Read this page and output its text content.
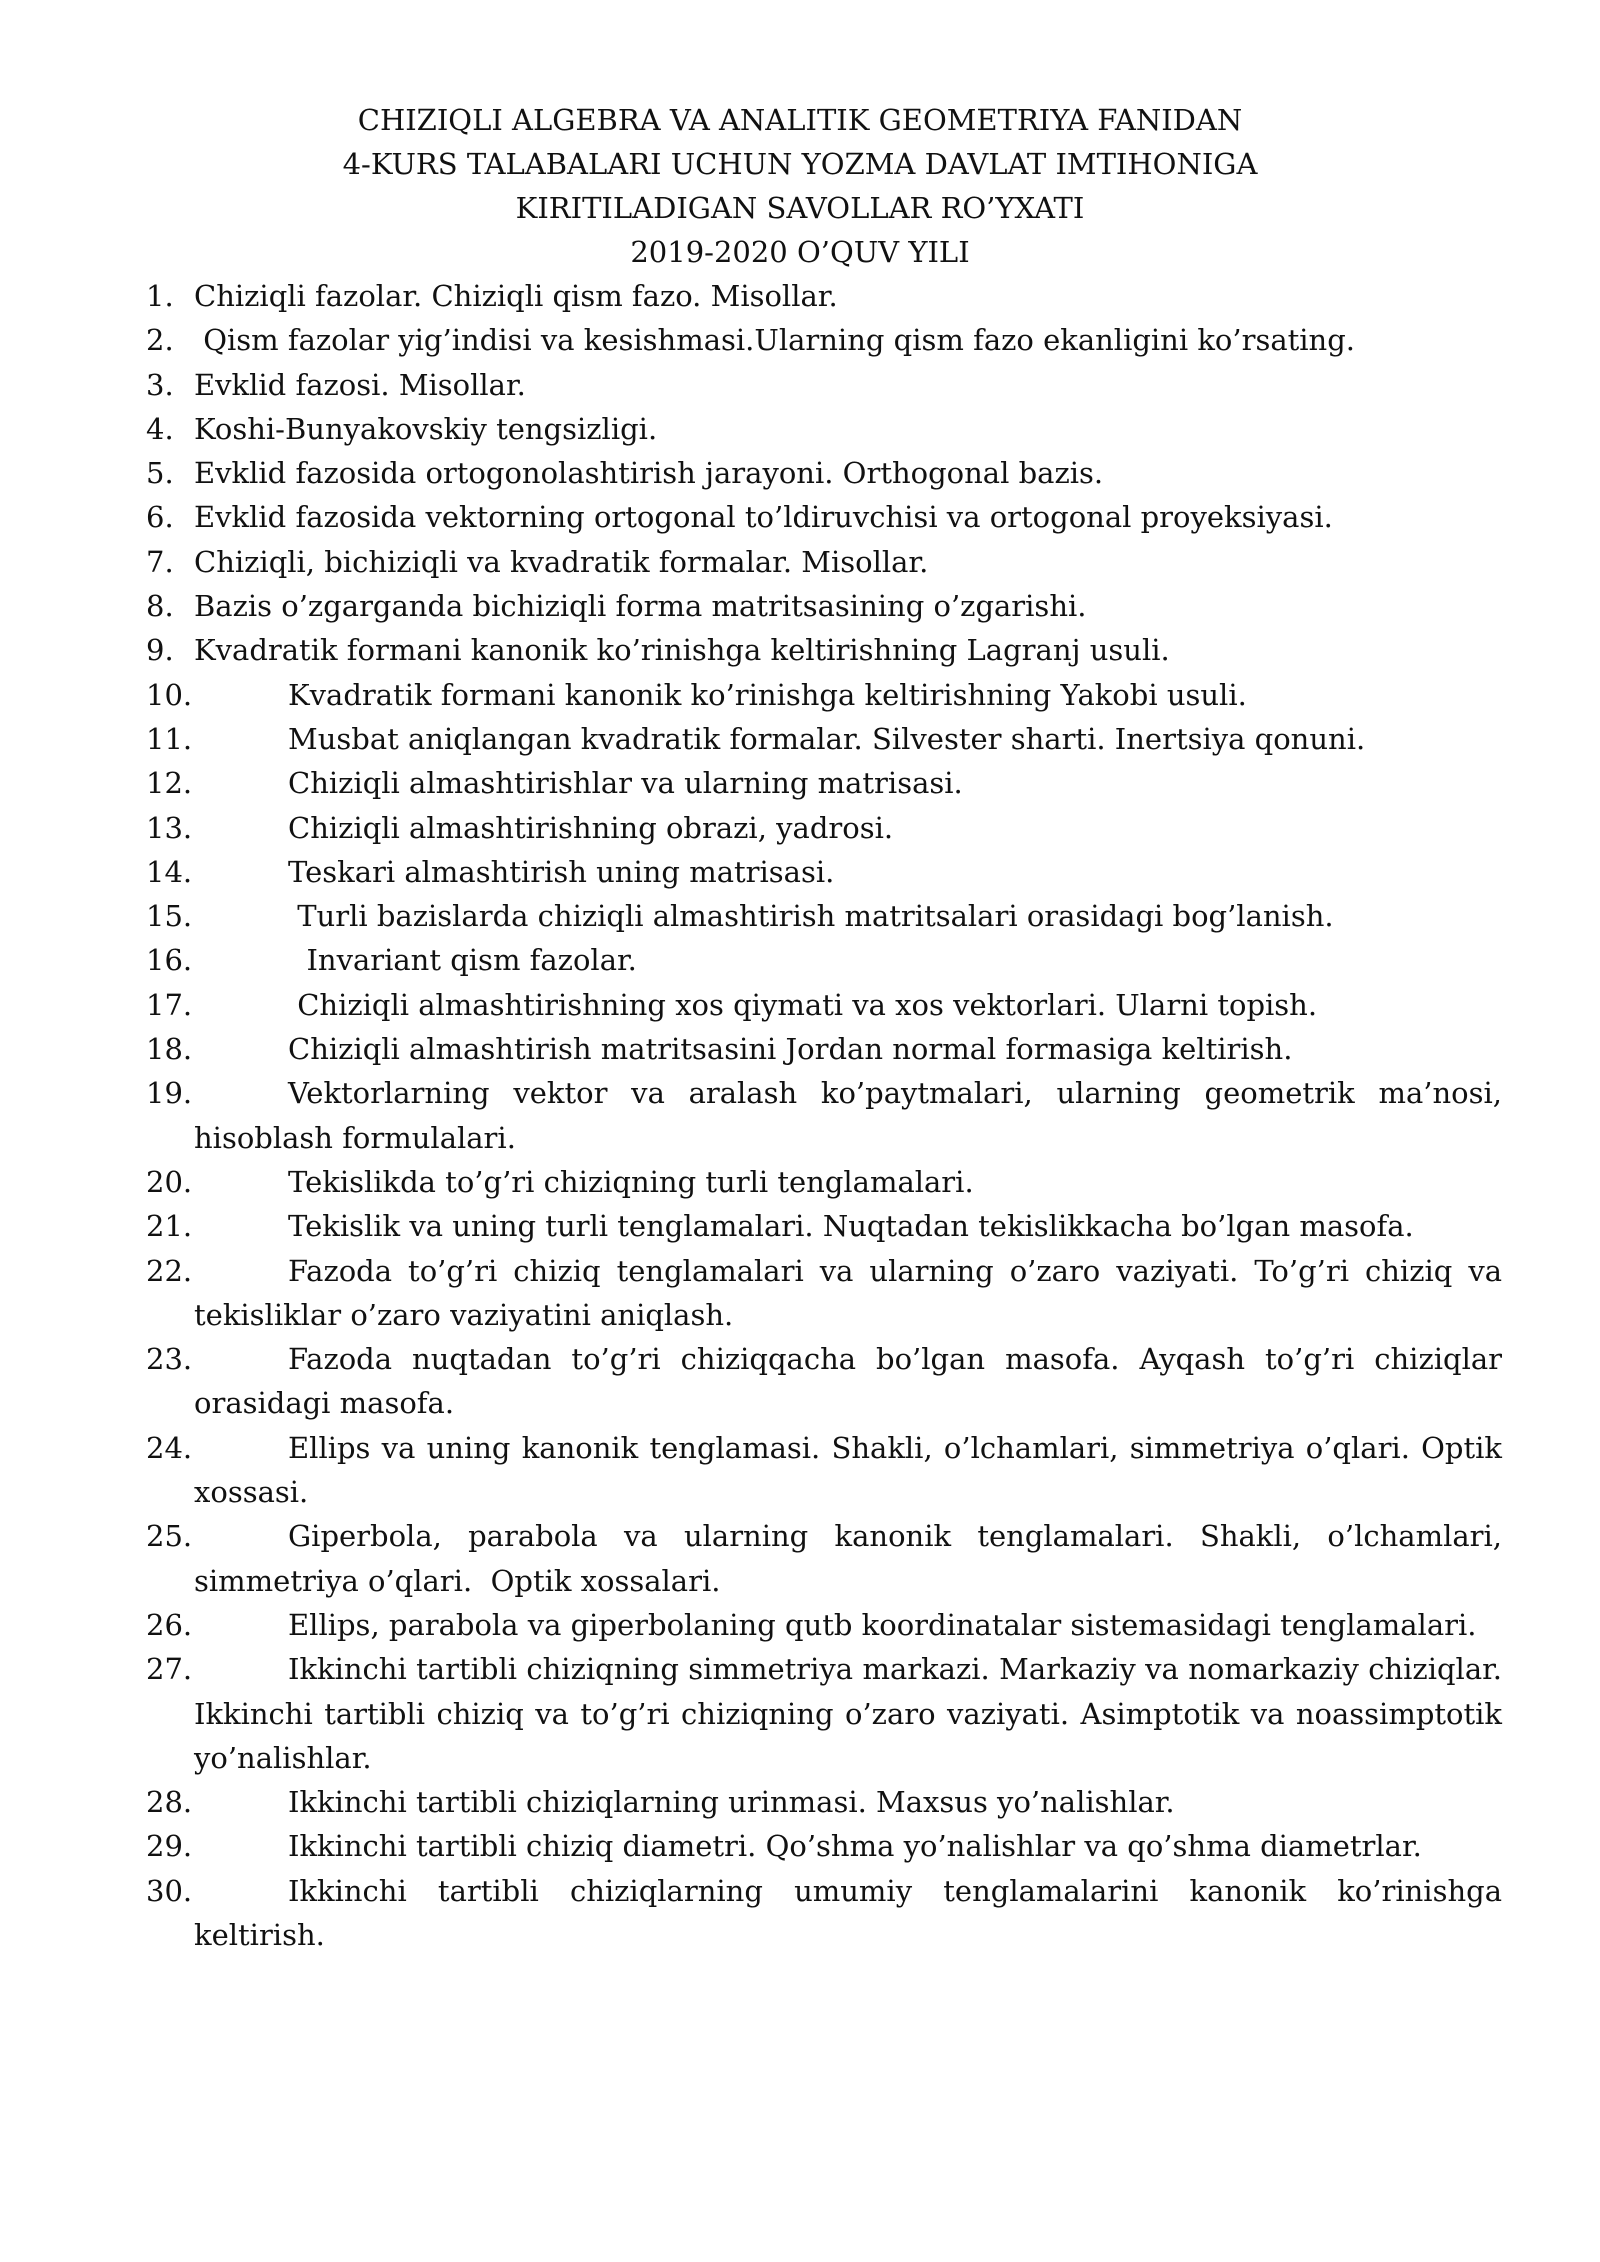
CHIZIQLI ALGEBRA VA ANALITIK GEOMETRIYA FANIDAN
4-KURS TALABALARI UCHUN YOZMA DAVLAT IMTIHONIGA
KIRITILADIGAN SAVOLLAR RO’YXATI
2019-2020 O’QUV YILI
1. Chiziqli fazolar. Chiziqli qism fazo. Misollar.
2. Qism fazolar yig’indisi va kesishmasi.Ularning qism fazo ekanligini ko’rsating.
3. Evklid fazosi. Misollar.
4. Koshi-Bunyakovskiy tengsizligi.
5. Evklid fazosida ortogonolashtirish jarayoni. Orthogonal bazis.
6. Evklid fazosida vektorning ortogonal to’ldiruvchisi va ortogonal proyeksiyasi.
7. Chiziqli, bichiziqli va kvadratik formalar. Misollar.
8. Bazis o’zgarganda bichiziqli forma matritsasining o’zgarishi.
9. Kvadratik formani kanonik ko’rinishga keltirishning Lagranj usuli.
10.	Kvadratik formani kanonik ko’rinishga keltirishning Yakobi usuli.
11.	Musbat aniqlangan kvadratik formalar. Silvester sharti. Inertsiya qonuni.
12.	Chiziqli almashtirishlar va ularning matrisasi.
13.	Chiziqli almashtirishning obrazi, yadrosi.
14.	Teskari almashtirish uning matrisasi.
15.	Turli bazislarda chiziqli almashtirish matritsalari orasidagi bog’lanish.
16.	Invariant qism fazolar.
17.	Chiziqli almashtirishning xos qiymati va xos vektorlari. Ularni topish.
18.	Chiziqli almashtirish matritsasini Jordan normal formasiga keltirish.
19.	Vektorlarning vektor va aralash ko’paytmalari, ularning geometrik ma’nosi, hisoblash formulalari.
20.	Tekislikda to’g’ri chiziqning turli tenglamalari.
21.	Tekislik va uning turli tenglamalari. Nuqtadan tekislikkacha bo’lgan masofa.
22.	Fazoda to’g’ri chiziq tenglamalari va ularning o’zaro vaziyati. To’g’ri chiziq va tekisliklar o’zaro vaziyatini aniqlash.
23.	Fazoda nuqtadan to’g’ri chiziqqacha bo’lgan masofa. Ayqash to’g’ri chiziqlar orasidagi masofa.
24.	Ellips va uning kanonik tenglamasi. Shakli, o’lchamlari, simmetriya o’qlari. Optik xossasi.
25.	Giperbola, parabola va ularning kanonik tenglamalari. Shakli, o’lchamlari, simmetriya o’qlari.  Optik xossalari.
26.	Ellips, parabola va giperbolaning qutb koordinatalar sistemasidagi tenglamalari.
27.	Ikkinchi tartibli chiziqning simmetriya markazi. Markaziy va nomarkaziy chiziqlar. Ikkinchi tartibli chiziq va to’g’ri chiziqning o’zaro vaziyati. Asimptotik va noassimptotik yo’nalishlar.
28.	Ikkinchi tartibli chiziqlarning urinmasi. Maxsus yo’nalishlar.
29.	Ikkinchi tartibli chiziq diametri. Qo’shma yo’nalishlar va qo’shma diametrlar.
30.	Ikkinchi tartibli chiziqlarning umumiy tenglamalarini kanonik ko’rinishga keltirish.
